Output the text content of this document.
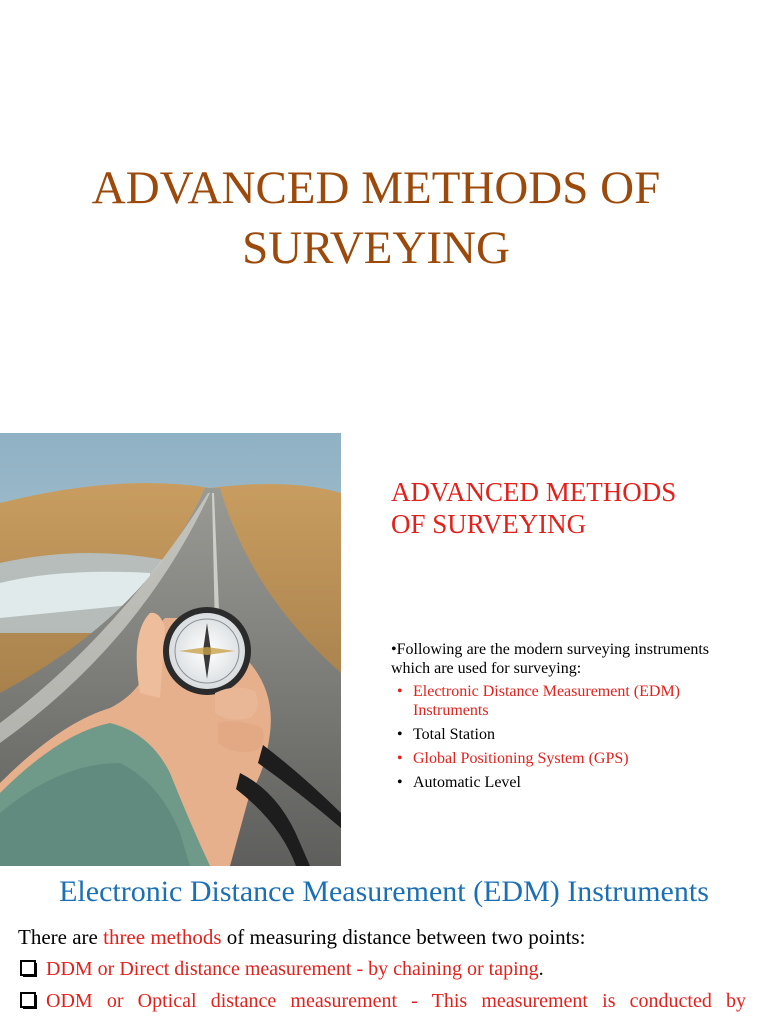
ADVANCED METHODS OF
SURVEYING
ADVANCED METHODS
OF SURVEYING
•Following are the modern surveying instruments which are used for surveying:
• Electronic Distance Measurement (EDM) Instruments
• Total Station
• Global Positioning System (GPS)
• Automatic Level
Electronic Distance Measurement (EDM) Instruments
There are three methods of measuring distance between two points:
DDM or Direct distance measurement - by chaining or taping.
ODM or Optical distance measurement - This measurement is conducted by
